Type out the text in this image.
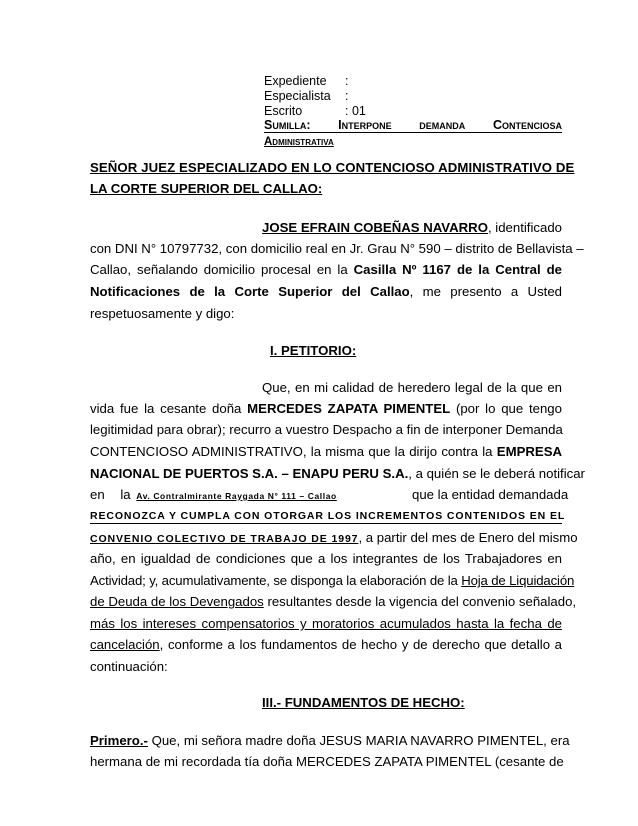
Expediente :
Especialista :
Escrito	: 01
Sumilla: Interpone demanda Contenciosa
Administrativa
SEÑOR JUEZ ESPECIALIZADO EN LO CONTENCIOSO ADMINISTRATIVO DE
LA CORTE SUPERIOR DEL CALLAO:
JOSE EFRAIN COBEÑAS NAVARRO, identificado
con DNI N° 10797732, con domicilio real en Jr. Grau N° 590 – distrito de Bellavista –
Callao, señalando domicilio procesal en la Casilla Nº 1167 de la Central de
Notificaciones de la Corte Superior del Callao, me presento a Usted
respetuosamente y digo:
I. PETITORIO:
Que, en mi calidad de heredero legal de la que en
vida fue la cesante doña MERCEDES ZAPATA PIMENTEL (por lo que tengo
legitimidad para obrar); recurro a vuestro Despacho a fin de interponer Demanda
CONTENCIOSO ADMINISTRATIVO, la misma que la dirijo contra la EMPRESA
NACIONAL DE PUERTOS S.A. – ENAPU PERU S.A., a quién se le deberá notificar
en la Av. Contralmirante Raygada N° 111 – Callao	que la entidad demandada
RECONOZCA Y CUMPLA CON OTORGAR LOS INCREMENTOS CONTENIDOS EN EL
CONVENIO COLECTIVO DE TRABAJO DE 1997, a partir del mes de Enero del mismo
año, en igualdad de condiciones que a los integrantes de los Trabajadores en
Actividad; y, acumulativamente, se disponga la elaboración de la Hoja de Liquidación
de Deuda de los Devengados resultantes desde la vigencia del convenio señalado,
más los intereses compensatorios y moratorios acumulados hasta la fecha de
cancelación, conforme a los fundamentos de hecho y de derecho que detallo a
continuación:
III.- FUNDAMENTOS DE HECHO:
Primero.- Que, mi señora madre doña JESUS MARIA NAVARRO PIMENTEL, era
hermana de mi recordada tía doña MERCEDES ZAPATA PIMENTEL (cesante de
